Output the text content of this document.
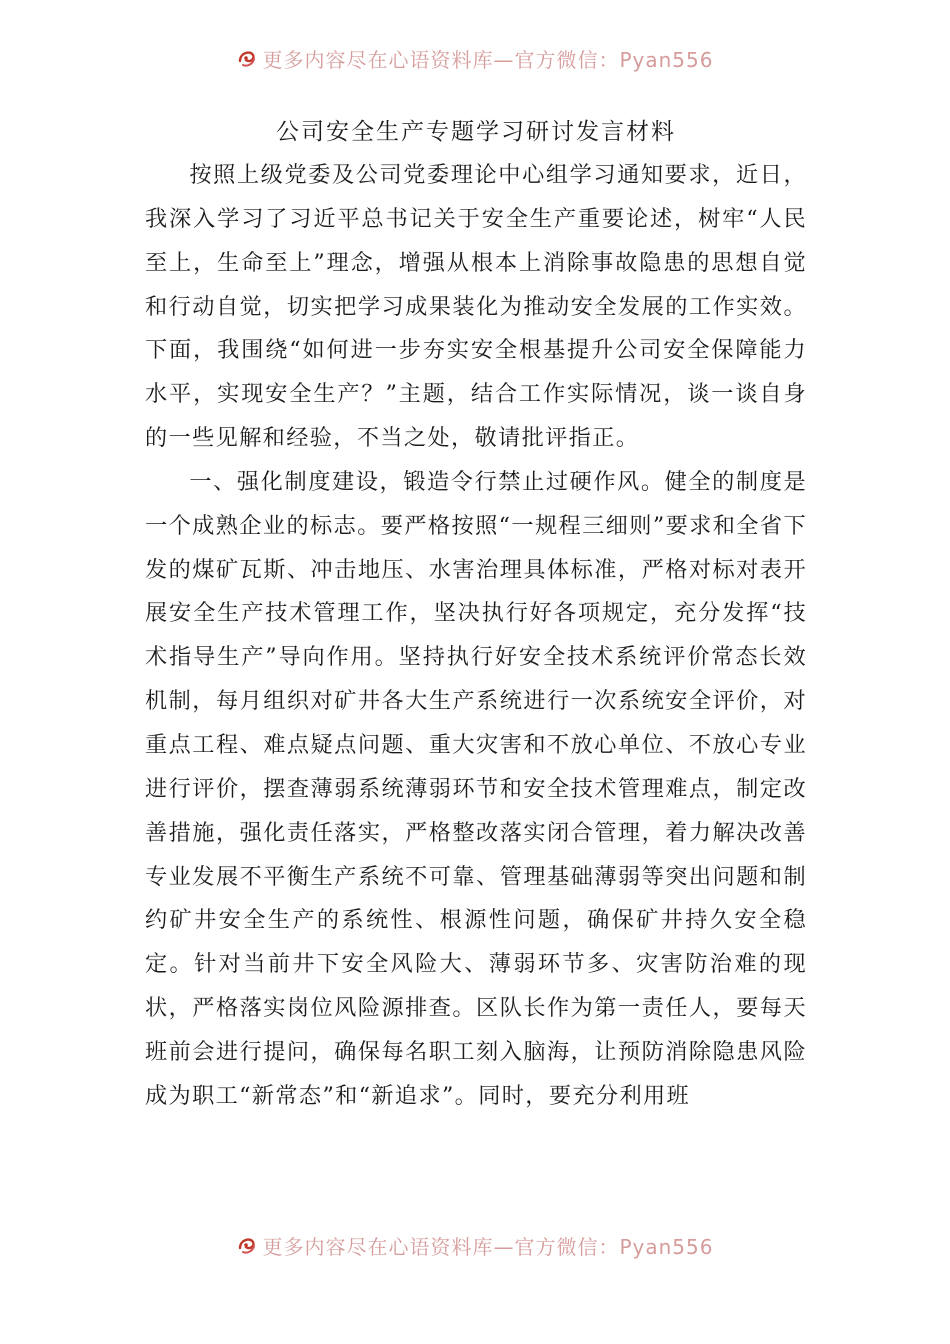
更多内容尽在心语资料库—官方微信：Pyan556
公司安全生产专题学习研讨发言材料

按照上级党委及公司党委理论中心组学习通知要求，近日，我深入学习了习近平总书记关于安全生产重要论述，树牢“人民至上，生命至上”理念，增强从根本上消除事故隐患的思想自觉和行动自觉，切实把学习成果装化为推动安全发展的工作实效。下面，我围绕“如何进一步夯实安全根基提升公司安全保障能力水平，实现安全生产？”主题，结合工作实际情况，谈一谈自身的一些见解和经验，不当之处，敬请批评指正。

一、强化制度建设，锻造令行禁止过硬作风。健全的制度是一个成熟企业的标志。要严格按照“一规程三细则”要求和全省下发的煤矿瓦斯、冲击地压、水害治理具体标准，严格对标对表开展安全生产技术管理工作，坚决执行好各项规定，充分发挥“技术指导生产”导向作用。坚持执行好安全技术系统评价常态长效机制，每月组织对矿井各大生产系统进行一次系统安全评价，对重点工程、难点疑点问题、重大灾害和不放心单位、不放心专业进行评价，摆查薄弱系统薄弱环节和安全技术管理难点，制定改善措施，强化责任落实，严格整改落实闭合管理，着力解决改善专业发展不平衡生产系统不可靠、管理基础薄弱等突出问题和制约矿井安全生产的系统性、根源性问题，确保矿井持久安全稳定。针对当前井下安全风险大、薄弱环节多、灾害防治难的现状，严格落实岗位风险源排查。区队长作为第一责任人，要每天班前会进行提问，确保每名职工刻入脑海，让预防消除隐患风险成为职工“新常态”和“新追求”。同时，要充分利用班

更多内容尽在心语资料库—官方微信：Pyan556
